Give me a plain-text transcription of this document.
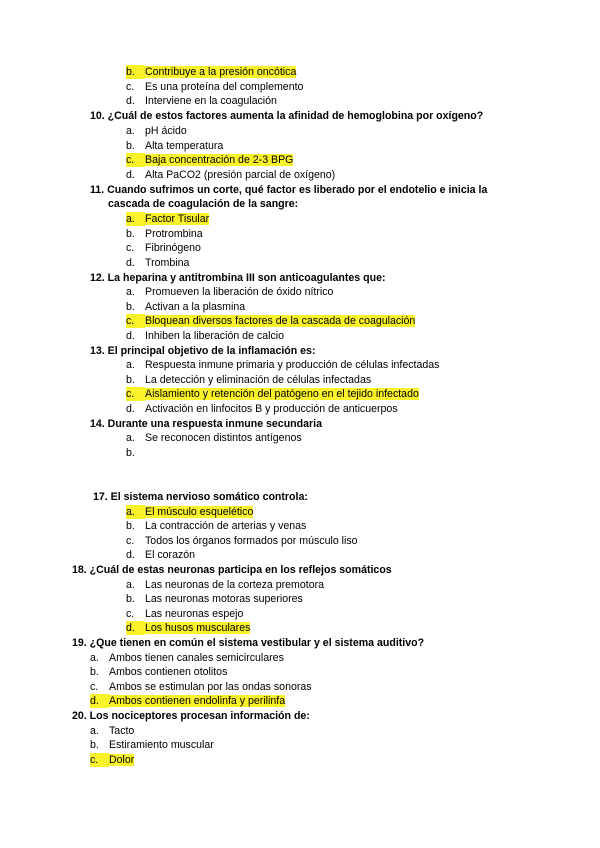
b. Contribuye a la presión oncótica
c. Es una proteína del complemento
d. Interviene en la coagulación
10. ¿Cuál de estos factores aumenta la afinidad de hemoglobina por oxígeno?
a. pH ácido
b. Alta temperatura
c. Baja concentración de 2-3 BPG
d. Alta PaCO2 (presión parcial de oxígeno)
11. Cuando sufrimos un corte, qué factor es liberado por el endotelio e inicia la
cascada de coagulación de la sangre:
a. Factor Tisular
b. Protrombina
c. Fibrinógeno
d. Trombina
12. La heparina y antitrombina III son anticoagulantes que:
a. Promueven la liberación de óxido nítrico
b. Activan a la plasmina
c. Bloquean diversos factores de la cascada de coagulación
d. Inhiben la liberación de calcio
13. El principal objetivo de la inflamación es:
a. Respuesta inmune primaria y producción de células infectadas
b. La detección y eliminación de células infectadas
c. Aislamiento y retención del patógeno en el tejido infectado
d. Activación en linfocitos B y producción de anticuerpos
14. Durante una respuesta inmune secundaria
a. Se reconocen distintos antígenos
b.
17. El sistema nervioso somático controla:
a. El músculo esquelético
b. La contracción de arterias y venas
c. Todos los órganos formados por músculo liso
d. El corazón
18. ¿Cuál de estas neuronas participa en los reflejos somáticos
a. Las neuronas de la corteza premotora
b. Las neuronas motoras superiores
c. Las neuronas espejo
d. Los husos musculares
19. ¿Que tienen en común el sistema vestibular y el sistema auditivo?
a. Ambos tienen canales semicirculares
b. Ambos contienen otolitos
c. Ambos se estimulan por las ondas sonoras
d. Ambos contienen endolinfa y perilinfa
20. Los nociceptores procesan información de:
a. Tacto
b. Estiramiento muscular
c. Dolor
